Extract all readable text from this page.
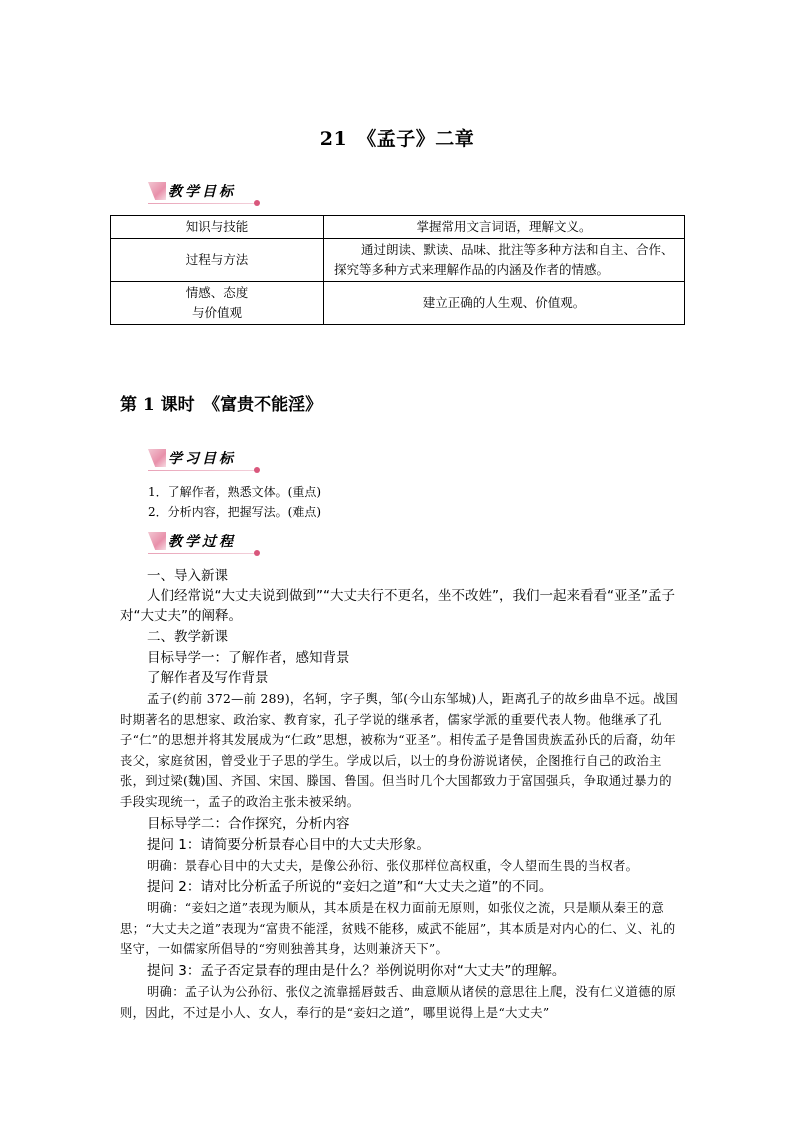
21　《孟子》二章
教学目标
知识与技能	掌握常用文言词语，理解文义。
过程与方法	通过朗读、默读、品味、批注等多种方法和自主、合作、探究等多种方式来理解作品的内涵及作者的情感。

情感、态度
与价值观	建立正确的人生观、价值观。
第 1 课时　《富贵不能淫》
学习目标
1．了解作者，熟悉文体。(重点)
2．分析内容，把握写法。(难点)
教学过程
一、导入新课
人们经常说“大丈夫说到做到”“大丈夫行不更名，坐不改姓”，我们一起来看看“亚圣”孟子对“大丈夫”的阐释。
二、教学新课
目标导学一：了解作者，感知背景
了解作者及写作背景
孟子(约前 372—前 289)，名轲，字子舆，邹(今山东邹城)人，距离孔子的故乡曲阜不远。战国时期著名的思想家、政治家、教育家，孔子学说的继承者，儒家学派的重要代表人物。他继承了孔子“仁”的思想并将其发展成为“仁政”思想，被称为“亚圣”。相传孟子是鲁国贵族孟孙氏的后裔，幼年丧父，家庭贫困，曾受业于子思的学生。学成以后，以士的身份游说诸侯，企图推行自己的政治主张，到过梁(魏)国、齐国、宋国、滕国、鲁国。但当时几个大国都致力于富国强兵，争取通过暴力的手段实现统一，孟子的政治主张未被采纳。
目标导学二：合作探究，分析内容
提问 1：请简要分析景春心目中的大丈夫形象。
明确：景春心目中的大丈夫，是像公孙衍、张仪那样位高权重，令人望而生畏的当权者。
提问 2：请对比分析孟子所说的“妾妇之道”和“大丈夫之道”的不同。
明确：“妾妇之道”表现为顺从，其本质是在权力面前无原则，如张仪之流，只是顺从秦王的意思；“大丈夫之道”表现为“富贵不能淫，贫贱不能移，威武不能屈”，其本质是对内心的仁、义、礼的坚守，一如儒家所倡导的“穷则独善其身，达则兼济天下”。
提问 3：孟子否定景春的理由是什么？举例说明你对“大丈夫”的理解。
明确：孟子认为公孙衍、张仪之流靠摇唇鼓舌、曲意顺从诸侯的意思往上爬，没有仁义道德的原则，因此，不过是小人、女人，奉行的是“妾妇之道”，哪里说得上是“大丈夫”
